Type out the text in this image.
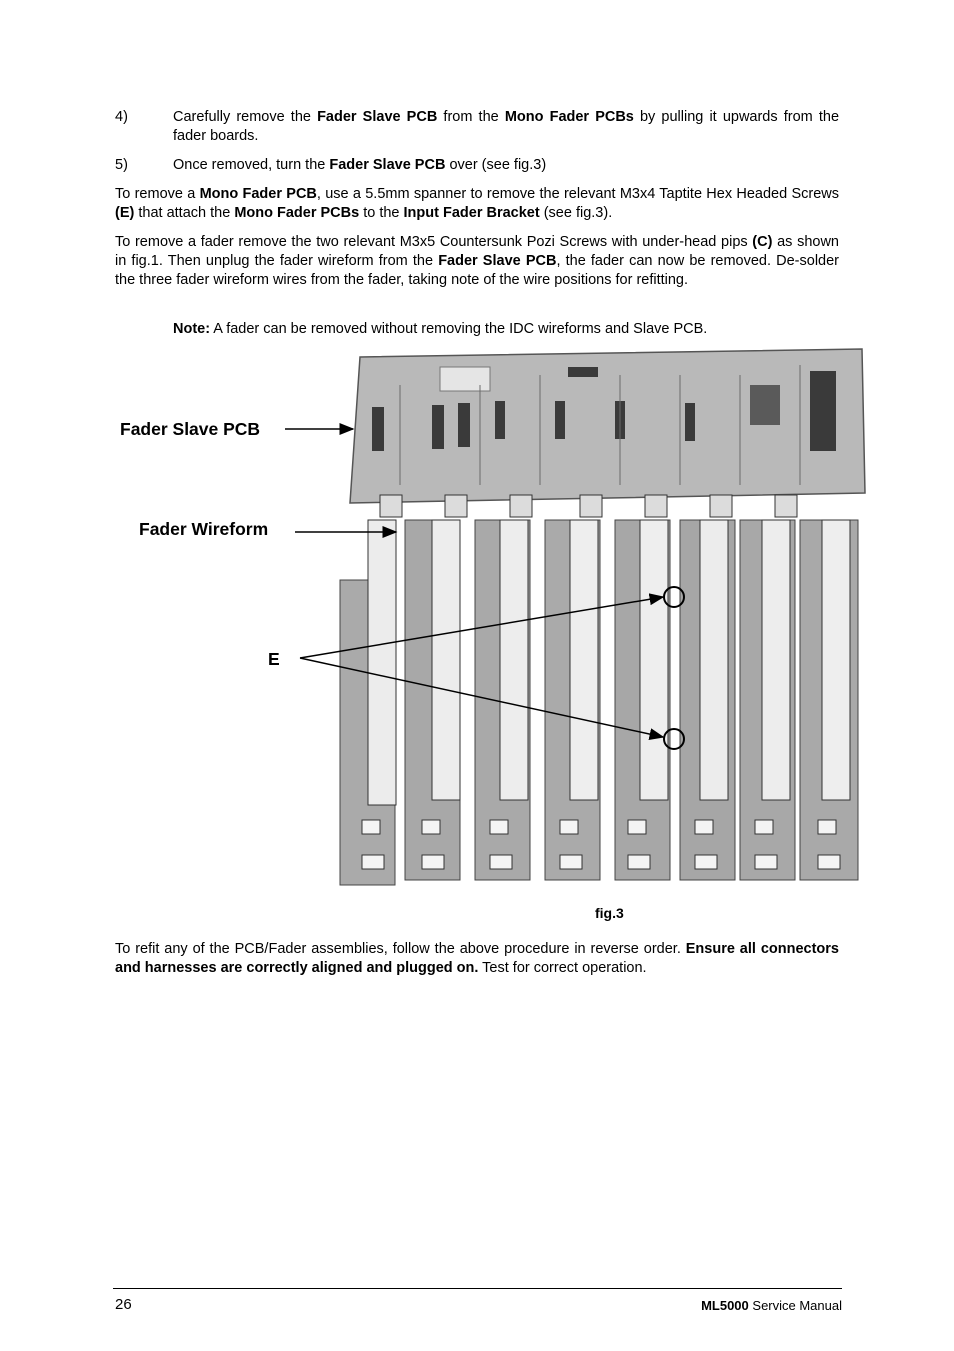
4)	Carefully remove the Fader Slave PCB from the Mono Fader PCBs by pulling it upwards from the fader boards.
5)	Once removed, turn the Fader Slave PCB over (see fig.3)

To remove a Mono Fader PCB, use a 5.5mm spanner to remove the relevant M3x4 Taptite Hex Headed Screws (E) that attach the Mono Fader PCBs to the Input Fader Bracket (see fig.3).

To remove a fader remove the two relevant M3x5 Countersunk Pozi Screws with under-head pips (C) as shown in fig.1. Then unplug the fader wireform from the Fader Slave PCB, the fader can now be removed. De-solder the three fader wireform wires from the fader, taking note of the wire positions for refitting.

Note: A fader can be removed without removing the IDC wireforms and Slave PCB.
Fader Slave PCB
Fader Wireform
E
fig.3

To refit any of the PCB/Fader assemblies, follow the above procedure in reverse order. Ensure all connectors and harnesses are correctly aligned and plugged on. Test for correct operation.

26	ML5000 Service Manual
